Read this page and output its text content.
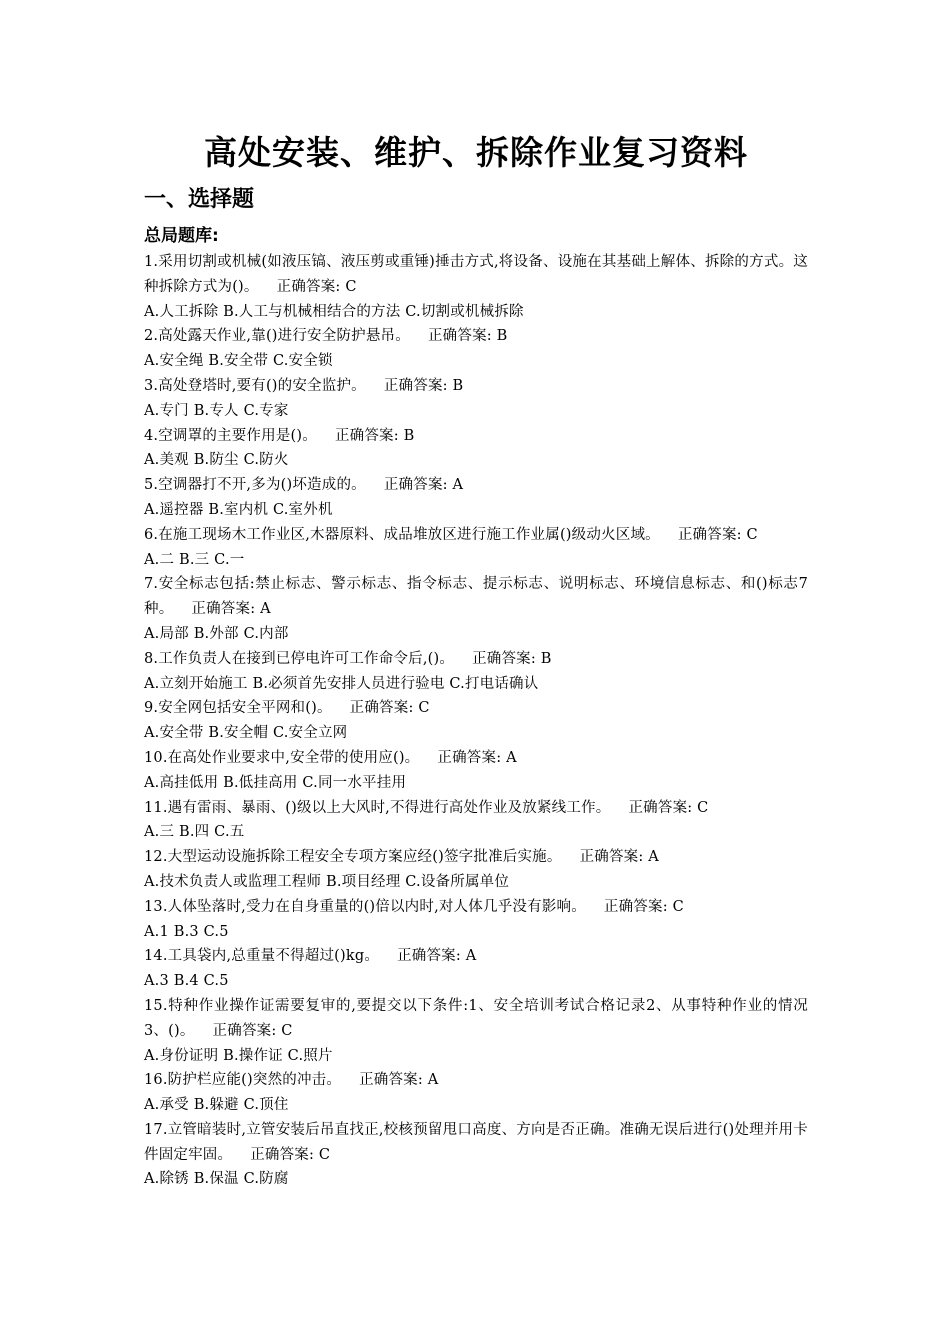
高处安装、维护、拆除作业复习资料
一、选择题
总局题库:

1.采用切割或机械(如液压镐、液压剪或重锤)捶击方式,将设备、设施在其基础上解体、拆除的方式。这种拆除方式为()。 正确答案: C

A.人工拆除 B.人工与机械相结合的方法 C.切割或机械拆除

2.高处露天作业,靠()进行安全防护悬吊。 正确答案: B

A.安全绳 B.安全带 C.安全锁

3.高处登塔时,要有()的安全监护。 正确答案: B

A.专门 B.专人 C.专家

4.空调罩的主要作用是()。 正确答案: B

A.美观 B.防尘 C.防火

5.空调器打不开,多为()坏造成的。 正确答案: A

A.遥控器 B.室内机 C.室外机

6.在施工现场木工作业区,木器原料、成品堆放区进行施工作业属()级动火区域。 正确答案: C

A.二 B.三 C.一

7.安全标志包括:禁止标志、警示标志、指令标志、提示标志、说明标志、环境信息标志、和()标志7种。 正确答案: A

A.局部 B.外部 C.内部

8.工作负责人在接到已停电许可工作命令后,()。 正确答案: B

A.立刻开始施工 B.必须首先安排人员进行验电 C.打电话确认

9.安全网包括安全平网和()。 正确答案: C

A.安全带 B.安全帽 C.安全立网

10.在高处作业要求中,安全带的使用应()。 正确答案: A

A.高挂低用 B.低挂高用 C.同一水平挂用

11.遇有雷雨、暴雨、()级以上大风时,不得进行高处作业及放紧线工作。 正确答案: C

A.三 B.四 C.五

12.大型运动设施拆除工程安全专项方案应经()签字批准后实施。 正确答案: A

A.技术负责人或监理工程师 B.项目经理 C.设备所属单位

13.人体坠落时,受力在自身重量的()倍以内时,对人体几乎没有影响。 正确答案: C

A.1 B.3 C.5

14.工具袋内,总重量不得超过()kg。 正确答案: A

A.3 B.4 C.5

15.特种作业操作证需要复审的,要提交以下条件:1、安全培训考试合格记录2、从事特种作业的情况3、()。 正确答案: C

A.身份证明 B.操作证 C.照片

16.防护栏应能()突然的冲击。 正确答案: A

A.承受 B.躲避 C.顶住

17.立管暗装时,立管安装后吊直找正,校核预留甩口高度、方向是否正确。准确无误后进行()处理并用卡件固定牢固。 正确答案: C

A.除锈 B.保温 C.防腐
